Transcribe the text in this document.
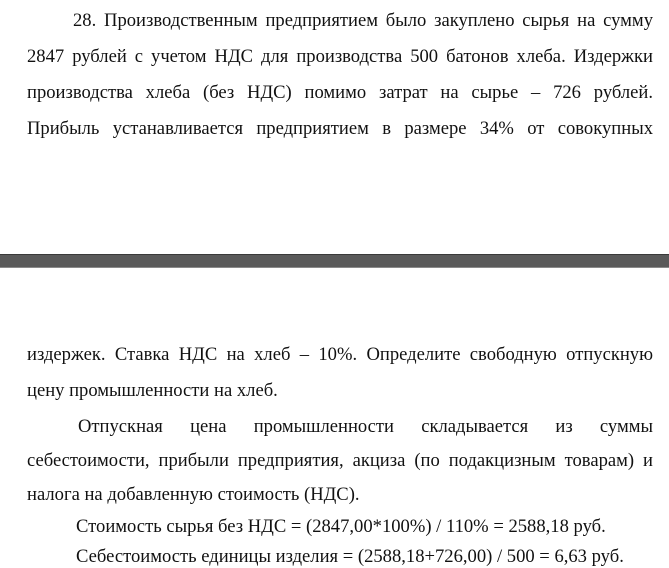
28. Производственным предприятием было закуплено сырья на сумму
2847 рублей с учетом НДС для производства 500 батонов хлеба. Издержки
производства хлеба (без НДС) помимо затрат на сырье – 726 рублей.
Прибыль устанавливается предприятием в размере 34% от совокупных
издержек. Ставка НДС на хлеб – 10%. Определите свободную отпускную
цену промышленности на хлеб.
Отпускная цена промышленности складывается из суммы
себестоимости, прибыли предприятия, акциза (по подакцизным товарам) и
налога на добавленную стоимость (НДС).
Стоимость сырья без НДС = (2847,00*100%) / 110% = 2588,18 руб.
Себестоимость единицы изделия = (2588,18+726,00) / 500 = 6,63 руб.
